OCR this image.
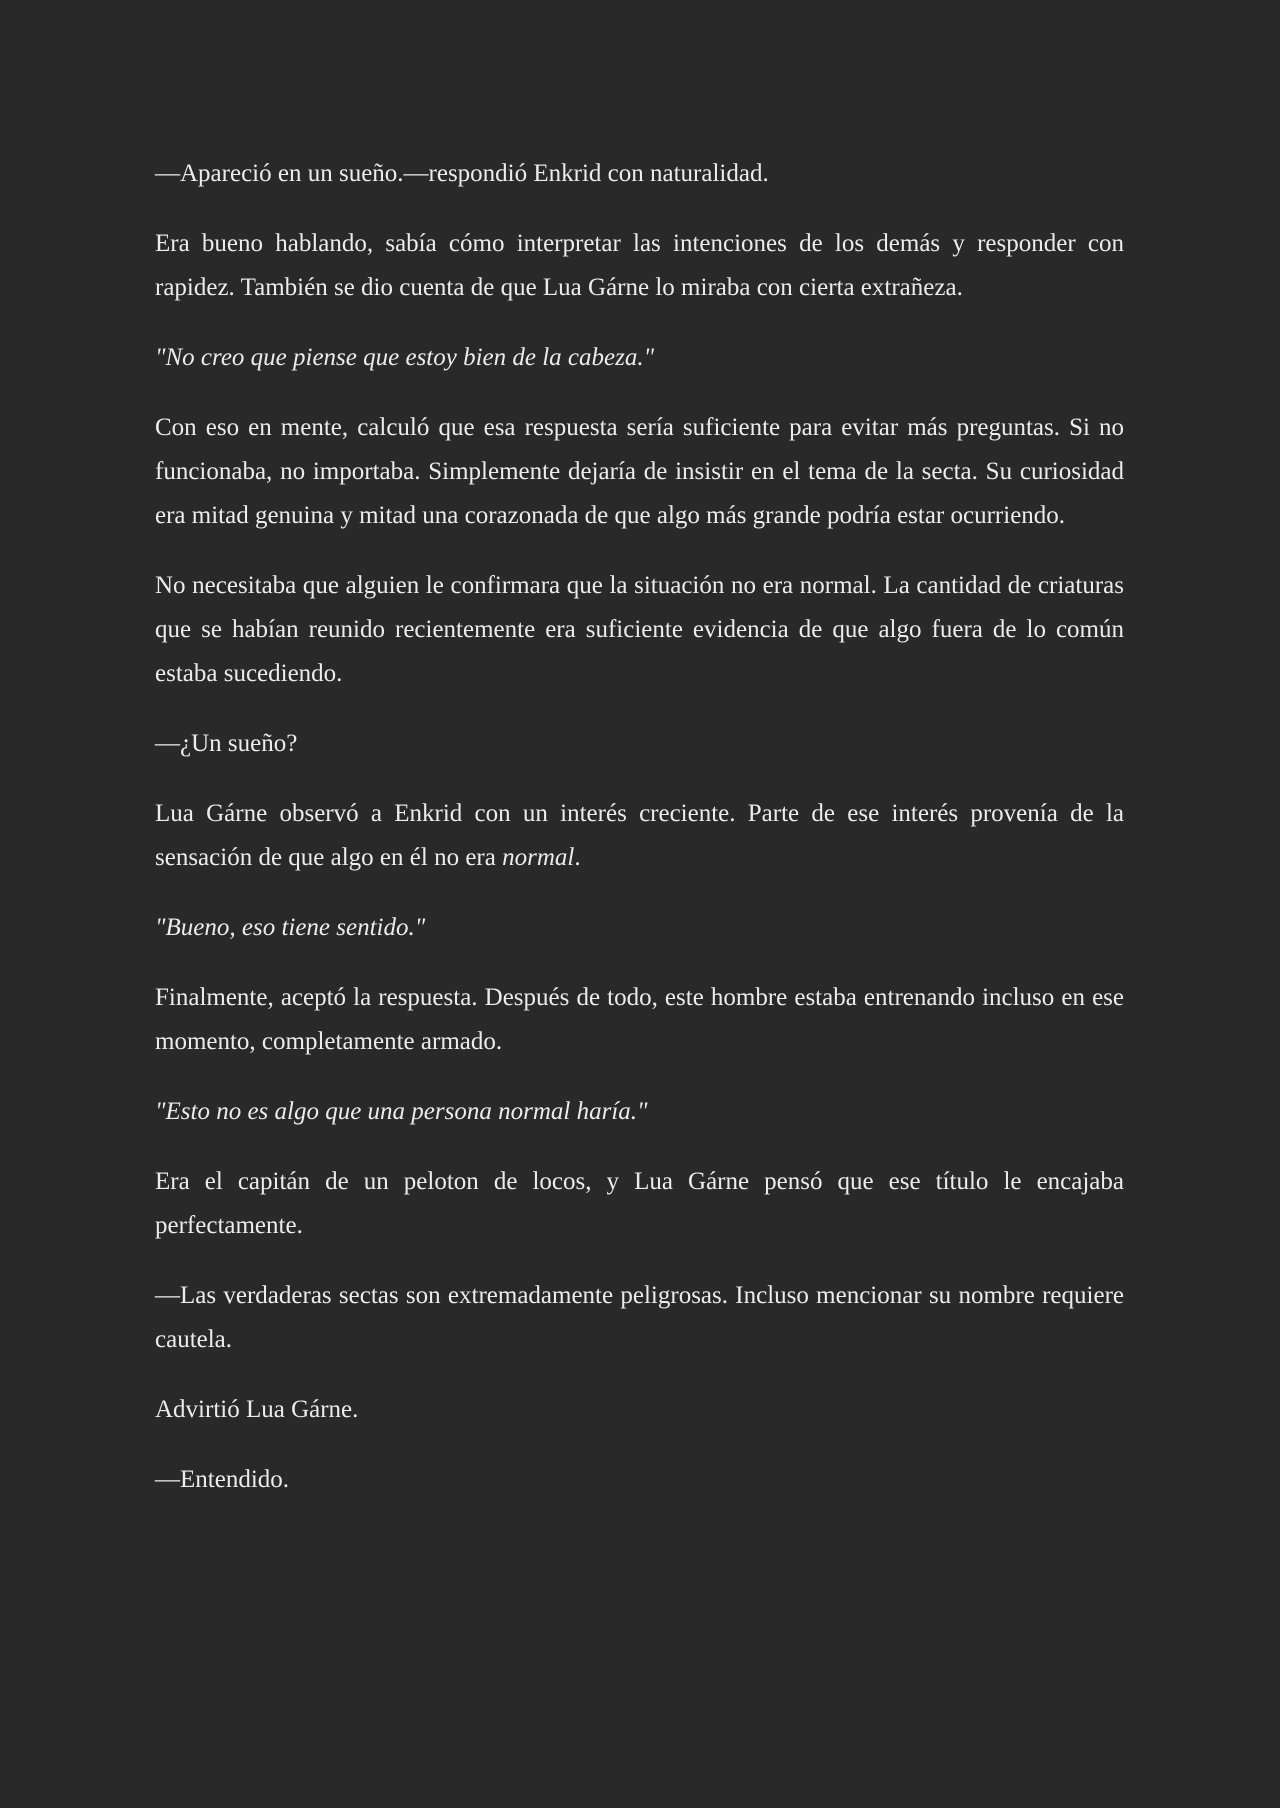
—Apareció en un sueño.—respondió Enkrid con naturalidad.

Era bueno hablando, sabía cómo interpretar las intenciones de los demás y responder con rapidez. También se dio cuenta de que Lua Gárne lo miraba con cierta extrañeza.

"No creo que piense que estoy bien de la cabeza."

Con eso en mente, calculó que esa respuesta sería suficiente para evitar más preguntas. Si no funcionaba, no importaba. Simplemente dejaría de insistir en el tema de la secta. Su curiosidad era mitad genuina y mitad una corazonada de que algo más grande podría estar ocurriendo.

No necesitaba que alguien le confirmara que la situación no era normal. La cantidad de criaturas que se habían reunido recientemente era suficiente evidencia de que algo fuera de lo común estaba sucediendo.

—¿Un sueño?

Lua Gárne observó a Enkrid con un interés creciente. Parte de ese interés provenía de la sensación de que algo en él no era normal.

"Bueno, eso tiene sentido."

Finalmente, aceptó la respuesta. Después de todo, este hombre estaba entrenando incluso en ese momento, completamente armado.

"Esto no es algo que una persona normal haría."

Era el capitán de un peloton de locos, y Lua Gárne pensó que ese título le encajaba perfectamente.

—Las verdaderas sectas son extremadamente peligrosas. Incluso mencionar su nombre requiere cautela.

Advirtió Lua Gárne.

—Entendido.
